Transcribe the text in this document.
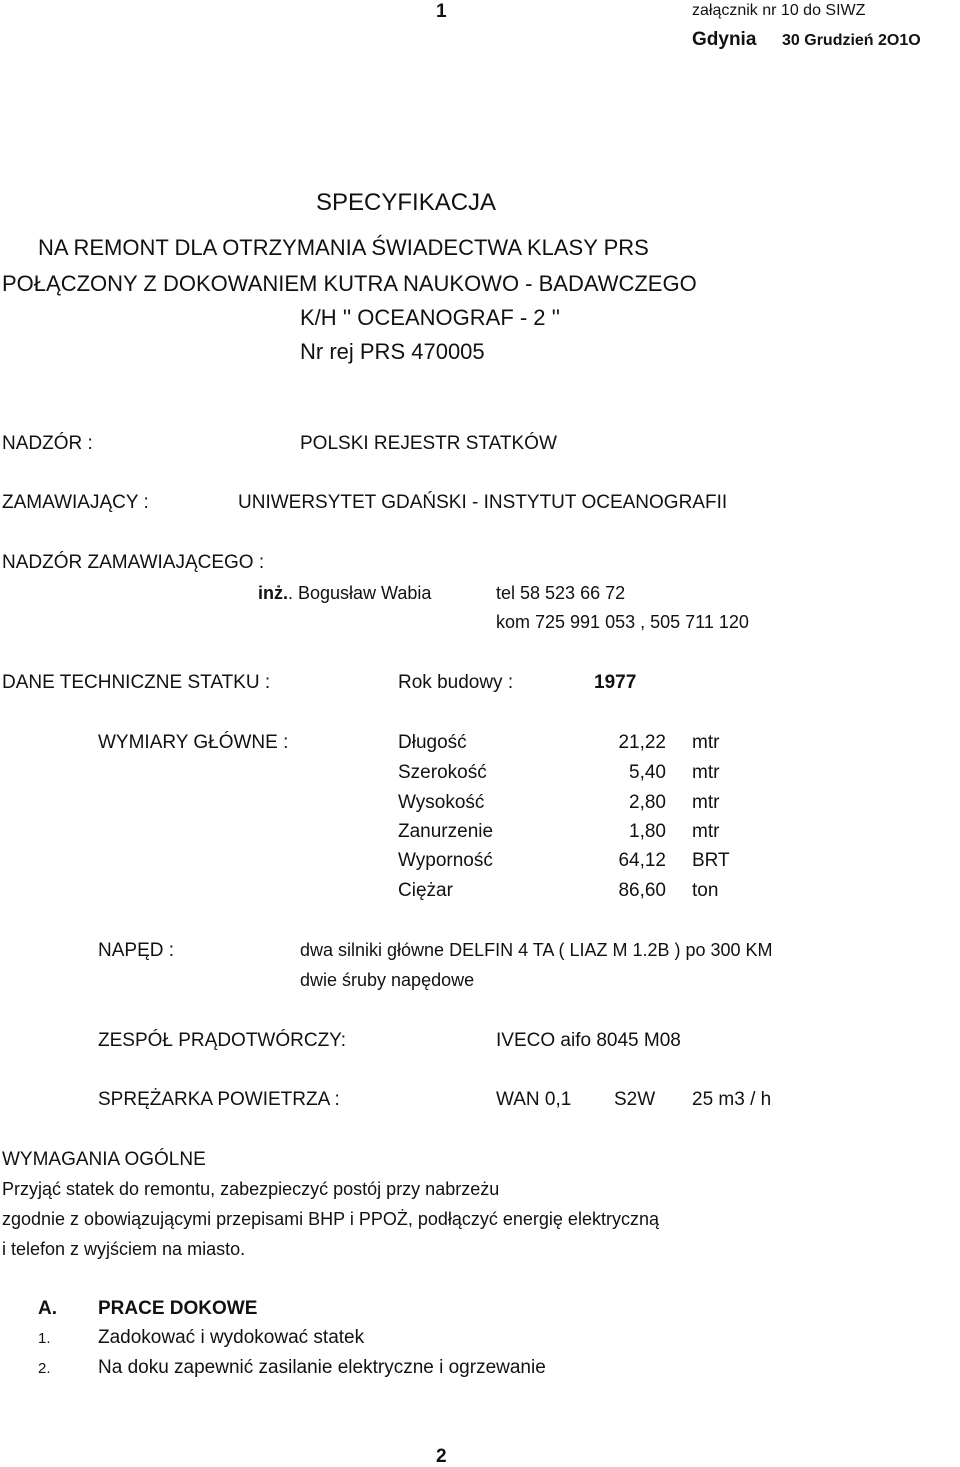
1	załącznik nr 10 do SIWZ
Gdynia 30 Grudzień 2O1O
SPECYFIKACJA
NA REMONT DLA OTRZYMANIA ŚWIADECTWA KLASY PRS
POŁĄCZONY Z DOKOWANIEM KUTRA NAUKOWO - BADAWCZEGO
K/H '' OCEANOGRAF - 2 ''
Nr rej PRS 470005
NADZÓR :	POLSKI REJESTR STATKÓW
ZAMAWIAJĄCY :	UNIWERSYTET GDAŃSKI - INSTYTUT OCEANOGRAFII
NADZÓR ZAMAWIAJĄCEGO :
inż.. Bogusław Wabia	tel 58 523 66 72
kom 725 991 053 , 505 711 120
DANE TECHNICZNE STATKU :	Rok budowy :	1977
WYMIARY GŁÓWNE :	Długość	21,22 mtr
Szerokość	5,40 mtr
Wysokość	2,80 mtr
Zanurzenie	1,80 mtr
Wyporność	64,12 BRT
Ciężar	86,60 ton
NAPĘD :	dwa silniki główne DELFIN 4 TA ( LIAZ M 1.2B ) po 300 KM
dwie śruby napędowe
ZESPÓŁ PRĄDOTWÓRCZY:	IVECO aifo 8045 M08
SPRĘŻARKA POWIETRZA :	WAN 0,1 S2W 25 m3 / h
WYMAGANIA OGÓLNE
Przyjąć statek do remontu, zabezpieczyć postój przy nabrzeżu
zgodnie z obowiązującymi przepisami BHP i PPOŻ, podłączyć energię elektryczną
i telefon z wyjściem na miasto.
A. PRACE DOKOWE
1. Zadokować i wydokować statek
2. Na doku zapewnić zasilanie elektryczne i ogrzewanie
2
